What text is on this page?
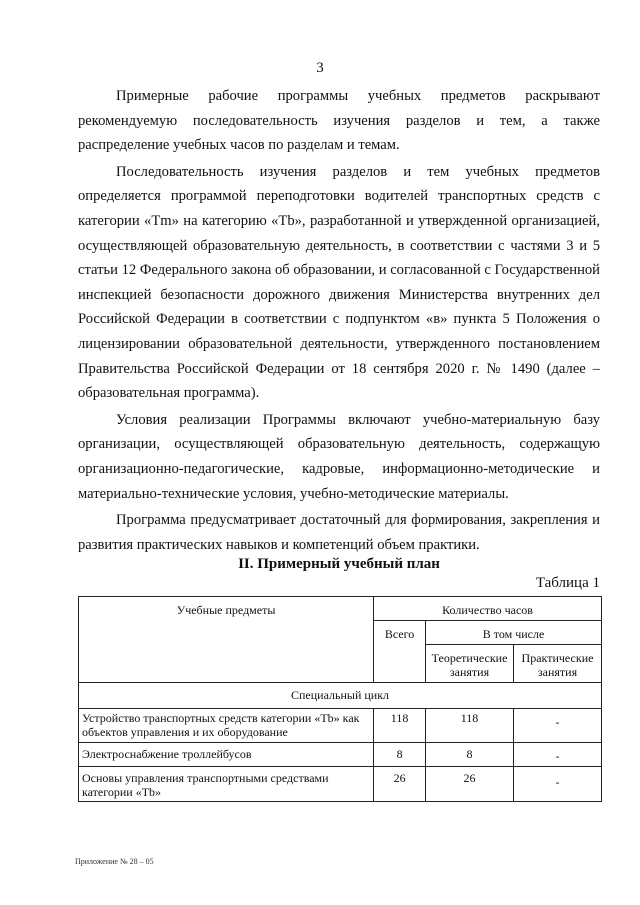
3

Примерные рабочие программы учебных предметов раскрывают рекомендуемую последовательность изучения разделов и тем, а также распределение учебных часов по разделам и темам.

Последовательность изучения разделов и тем учебных предметов определяется программой переподготовки водителей транспортных средств с категории «Tm» на категорию «Tb», разработанной и утвержденной организацией, осуществляющей образовательную деятельность, в соответствии с частями 3 и 5 статьи 12 Федерального закона об образовании, и согласованной с Государственной инспекцией безопасности дорожного движения Министерства внутренних дел Российской Федерации в соответствии с подпунктом «в» пункта 5 Положения о лицензировании образовательной деятельности, утвержденного постановлением Правительства Российской Федерации от 18 сентября 2020 г. № 1490 (далее – образовательная программа).

Условия реализации Программы включают учебно-материальную базу организации, осуществляющей образовательную деятельность, содержащую организационно-педагогические, кадровые, информационно-методические и материально-технические условия, учебно-методические материалы.

Программа предусматривает достаточный для формирования, закрепления и развития практических навыков и компетенций объем практики.

II. Примерный учебный план
Таблица 1
Учебные предметы	Количество часов		
	Всего	В том числе	
		Теоретические занятия	Практические занятия
Специальный цикл			
Устройство транспортных средств категории «Tb» как объектов управления и их оборудование	118	118	-
Электроснабжение троллейбусов	8	8	-
Основы управления транспортными средствами категории «Tb»	26	26	-
Приложение № 28 – 05
